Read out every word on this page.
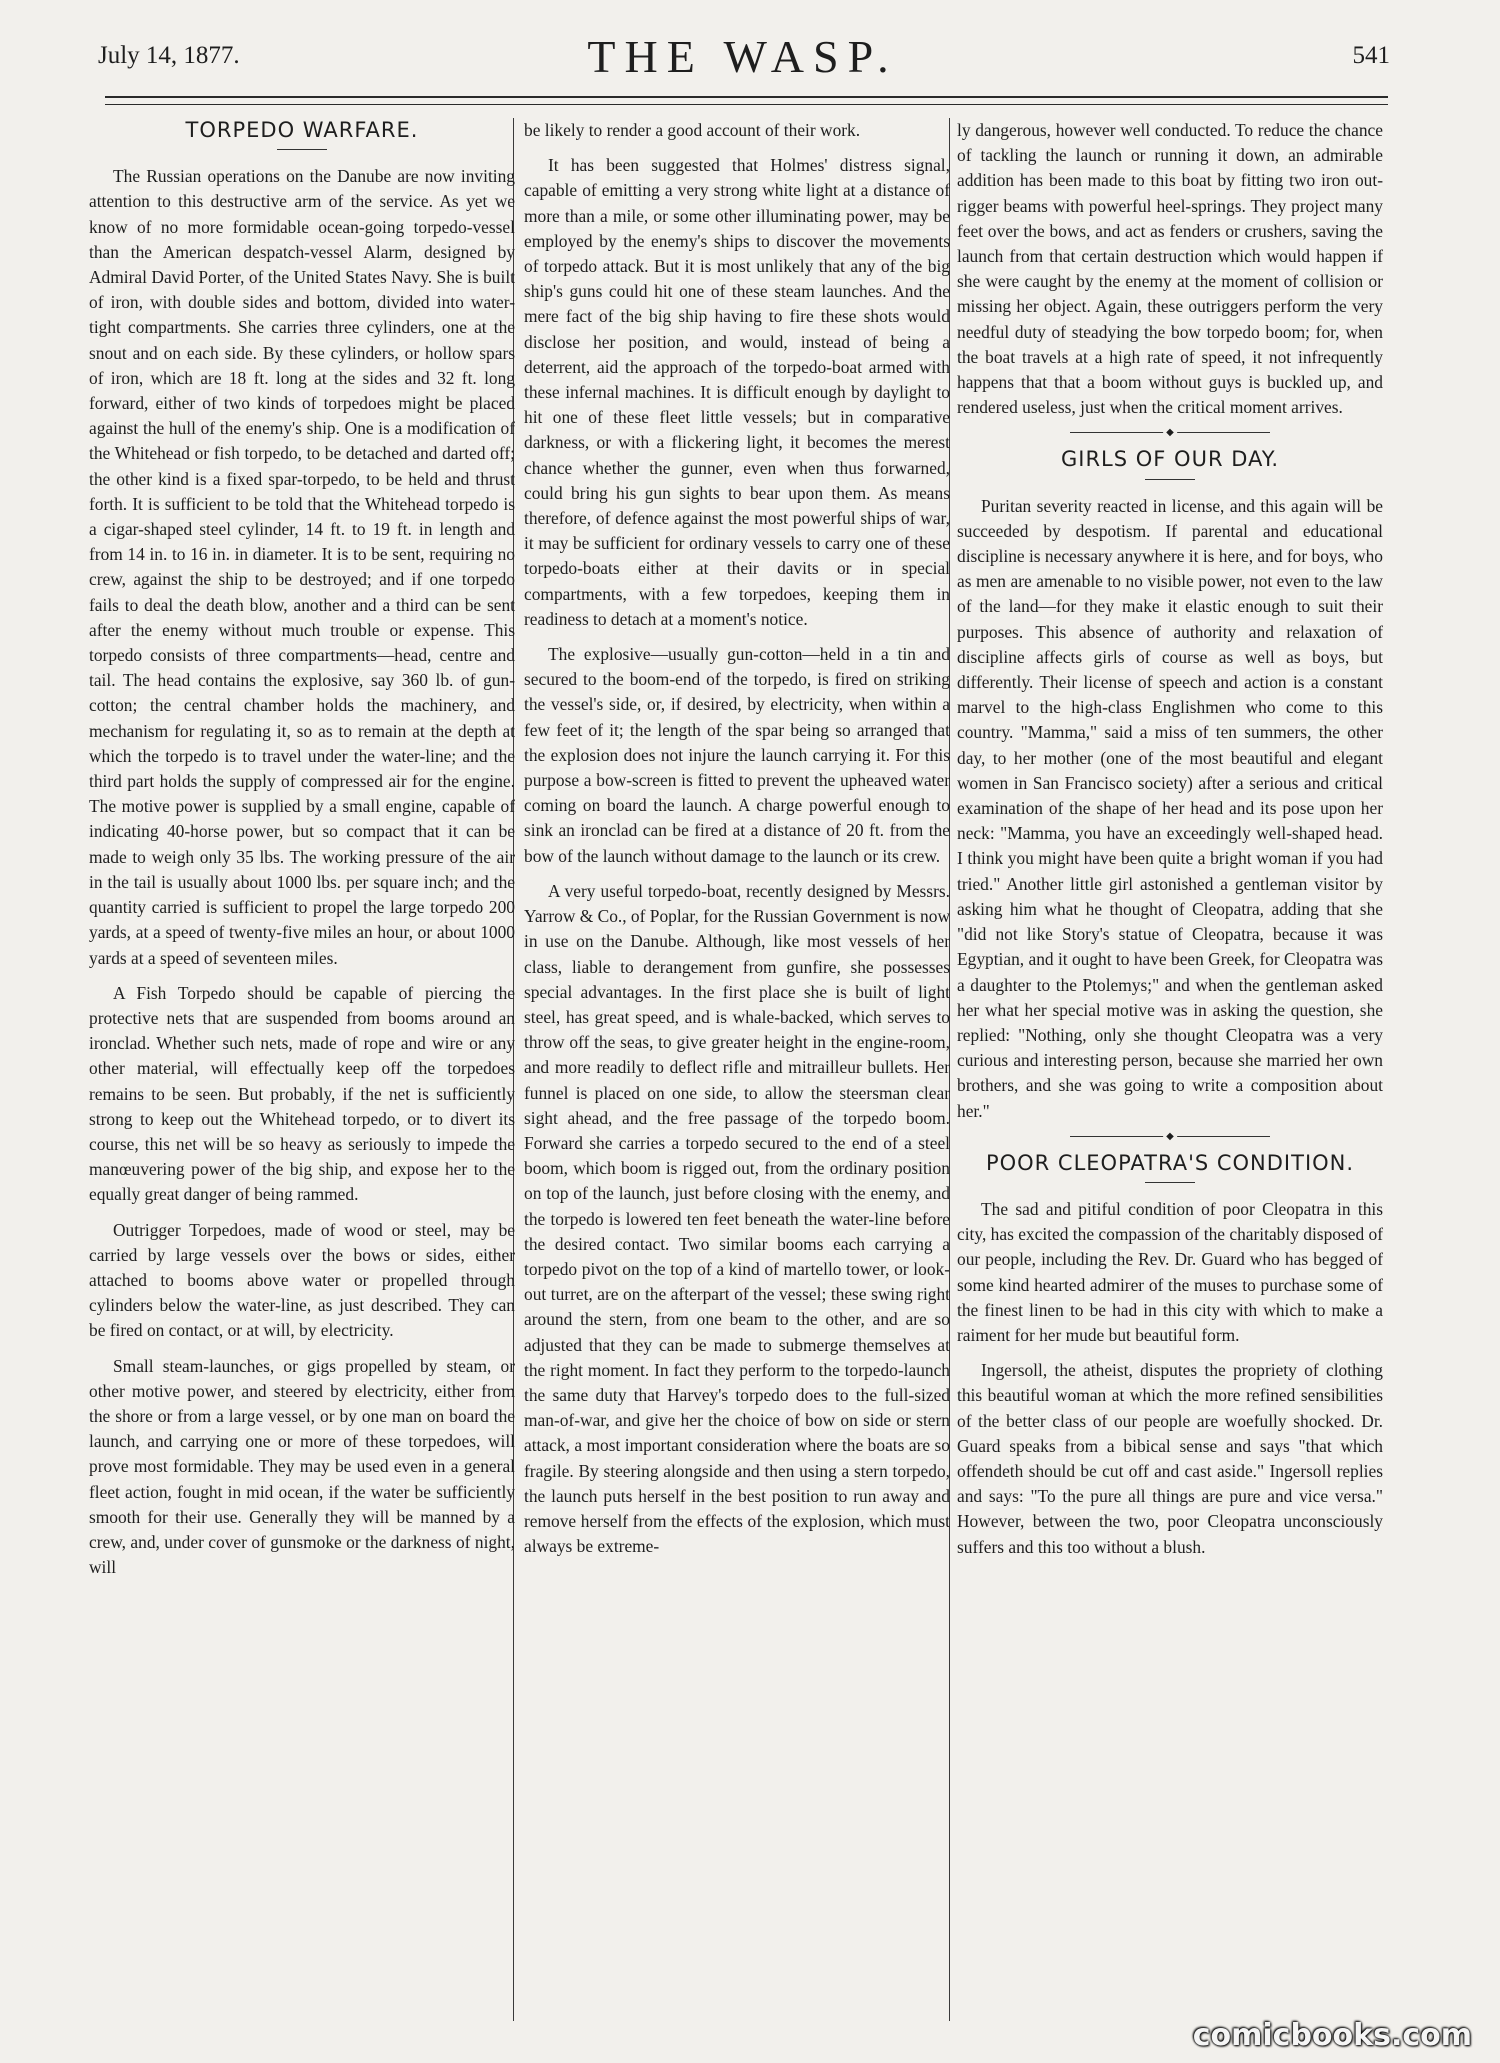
July 14, 1877.	THE WASP.	541
TORPEDO WARFARE.

The Russian operations on the Danube are now inviting attention to this destructive arm of the service. As yet we know of no more formidable ocean-going torpedo-vessel than the American despatch-vessel Alarm, designed by Admiral David Porter, of the United States Navy. She is built of iron, with double sides and bottom, divided into water-tight compartments. She carries three cylinders, one at the snout and on each side. By these cylinders, or hollow spars of iron, which are 18 ft. long at the sides and 32 ft. long forward, either of two kinds of torpedoes might be placed against the hull of the enemy's ship. One is a modification of the Whitehead or fish torpedo, to be detached and darted off; the other kind is a fixed spar-torpedo, to be held and thrust forth. It is sufficient to be told that the Whitehead torpedo is a cigar-shaped steel cylinder, 14 ft. to 19 ft. in length and from 14 in. to 16 in. in diameter. It is to be sent, requiring no crew, against the ship to be destroyed; and if one torpedo fails to deal the death blow, another and a third can be sent after the enemy without much trouble or expense. This torpedo consists of three compartments—head, centre and tail. The head contains the explosive, say 360 lb. of gun-cotton; the central chamber holds the machinery, and mechanism for regulating it, so as to remain at the depth at which the torpedo is to travel under the water-line; and the third part holds the supply of compressed air for the engine. The motive power is supplied by a small engine, capable of indicating 40-horse power, but so compact that it can be made to weigh only 35 lbs. The working pressure of the air in the tail is usually about 1000 lbs. per square inch; and the quantity carried is sufficient to propel the large torpedo 200 yards, at a speed of twenty-five miles an hour, or about 1000 yards at a speed of seventeen miles.

A Fish Torpedo should be capable of piercing the protective nets that are suspended from booms around an ironclad. Whether such nets, made of rope and wire or any other material, will effectually keep off the torpedoes remains to be seen. But probably, if the net is sufficiently strong to keep out the Whitehead torpedo, or to divert its course, this net will be so heavy as seriously to impede the manœuvering power of the big ship, and expose her to the equally great danger of being rammed.

Outrigger Torpedoes, made of wood or steel, may be carried by large vessels over the bows or sides, either attached to booms above water or propelled through cylinders below the water-line, as just described. They can be fired on contact, or at will, by electricity.

Small steam-launches, or gigs propelled by steam, or other motive power, and steered by electricity, either from the shore or from a large vessel, or by one man on board the launch, and carrying one or more of these torpedoes, will prove most formidable. They may be used even in a general fleet action, fought in mid ocean, if the water be sufficiently smooth for their use. Generally they will be manned by a crew, and, under cover of gunsmoke or the darkness of night, will

be likely to render a good account of their work.

It has been suggested that Holmes' distress signal, capable of emitting a very strong white light at a distance of more than a mile, or some other illuminating power, may be employed by the enemy's ships to discover the movements of torpedo attack. But it is most unlikely that any of the big ship's guns could hit one of these steam launches. And the mere fact of the big ship having to fire these shots would disclose her position, and would, instead of being a deterrent, aid the approach of the torpedo-boat armed with these infernal machines. It is difficult enough by daylight to hit one of these fleet little vessels; but in comparative darkness, or with a flickering light, it becomes the merest chance whether the gunner, even when thus forwarned, could bring his gun sights to bear upon them. As means therefore, of defence against the most powerful ships of war, it may be sufficient for ordinary vessels to carry one of these torpedo-boats either at their davits or in special compartments, with a few torpedoes, keeping them in readiness to detach at a moment's notice.

The explosive—usually gun-cotton—held in a tin and secured to the boom-end of the torpedo, is fired on striking the vessel's side, or, if desired, by electricity, when within a few feet of it; the length of the spar being so arranged that the explosion does not injure the launch carrying it. For this purpose a bow-screen is fitted to prevent the upheaved water coming on board the launch. A charge powerful enough to sink an ironclad can be fired at a distance of 20 ft. from the bow of the launch without damage to the launch or its crew.

A very useful torpedo-boat, recently designed by Messrs. Yarrow & Co., of Poplar, for the Russian Government is now in use on the Danube. Although, like most vessels of her class, liable to derangement from gunfire, she possesses special advantages. In the first place she is built of light steel, has great speed, and is whale-backed, which serves to throw off the seas, to give greater height in the engine-room, and more readily to deflect rifle and mitrailleur bullets. Her funnel is placed on one side, to allow the steersman clear sight ahead, and the free passage of the torpedo boom. Forward she carries a torpedo secured to the end of a steel boom, which boom is rigged out, from the ordinary position on top of the launch, just before closing with the enemy, and the torpedo is lowered ten feet beneath the water-line before the desired contact. Two similar booms each carrying a torpedo pivot on the top of a kind of martello tower, or look-out turret, are on the afterpart of the vessel; these swing right around the stern, from one beam to the other, and are so adjusted that they can be made to submerge themselves at the right moment. In fact they perform to the torpedo-launch the same duty that Harvey's torpedo does to the full-sized man-of-war, and give her the choice of bow on side or stern attack, a most important consideration where the boats are so fragile. By steering alongside and then using a stern torpedo, the launch puts herself in the best position to run away and remove herself from the effects of the explosion, which must always be extreme-

ly dangerous, however well conducted. To reduce the chance of tackling the launch or running it down, an admirable addition has been made to this boat by fitting two iron out-rigger beams with powerful heel-springs. They project many feet over the bows, and act as fenders or crushers, saving the launch from that certain destruction which would happen if she were caught by the enemy at the moment of collision or missing her object. Again, these outriggers perform the very needful duty of steadying the bow torpedo boom; for, when the boat travels at a high rate of speed, it not infrequently happens that that a boom without guys is buckled up, and rendered useless, just when the critical moment arrives.

◆
GIRLS OF OUR DAY.

Puritan severity reacted in license, and this again will be succeeded by despotism. If parental and educational discipline is necessary anywhere it is here, and for boys, who as men are amenable to no visible power, not even to the law of the land—for they make it elastic enough to suit their purposes. This absence of authority and relaxation of discipline affects girls of course as well as boys, but differently. Their license of speech and action is a constant marvel to the high-class Englishmen who come to this country. "Mamma," said a miss of ten summers, the other day, to her mother (one of the most beautiful and elegant women in San Francisco society) after a serious and critical examination of the shape of her head and its pose upon her neck: "Mamma, you have an exceedingly well-shaped head. I think you might have been quite a bright woman if you had tried." Another little girl astonished a gentleman visitor by asking him what he thought of Cleopatra, adding that she "did not like Story's statue of Cleopatra, because it was Egyptian, and it ought to have been Greek, for Cleopatra was a daughter to the Ptolemys;" and when the gentleman asked her what her special motive was in asking the question, she replied: "Nothing, only she thought Cleopatra was a very curious and interesting person, because she married her own brothers, and she was going to write a composition about her."

◆
POOR CLEOPATRA'S CONDITION.

The sad and pitiful condition of poor Cleopatra in this city, has excited the compassion of the charitably disposed of our people, including the Rev. Dr. Guard who has begged of some kind hearted admirer of the muses to purchase some of the finest linen to be had in this city with which to make a raiment for her mude but beautiful form.

Ingersoll, the atheist, disputes the propriety of clothing this beautiful woman at which the more refined sensibilities of the better class of our people are woefully shocked. Dr. Guard speaks from a bibical sense and says "that which offendeth should be cut off and cast aside." Ingersoll replies and says: "To the pure all things are pure and vice versa." However, between the two, poor Cleopatra unconsciously suffers and this too without a blush.

comicbooks.com
